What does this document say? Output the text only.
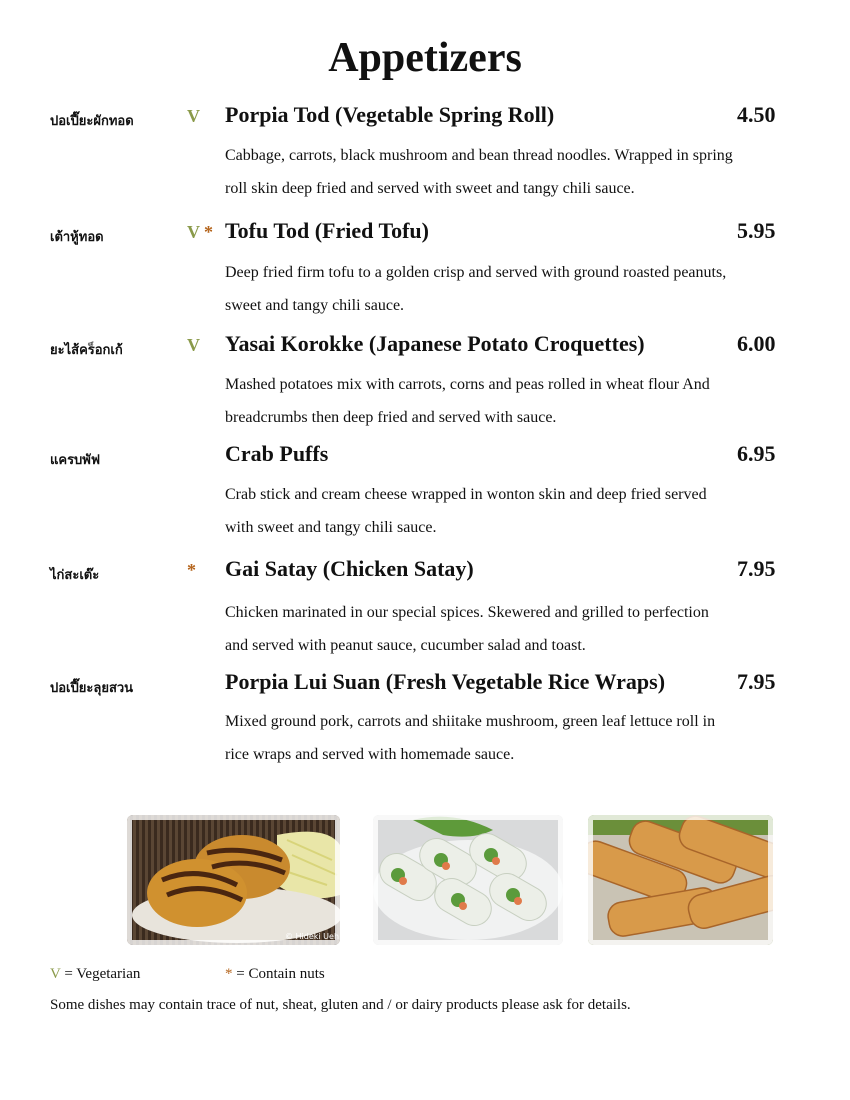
Appetizers
ปอเปี๊ยะผักทอด	V Porpia Tod (Vegetable Spring Roll)	4.50
Cabbage, carrots, black mushroom and bean thread noodles. Wrapped in spring roll skin deep fried and served with sweet and tangy chili sauce.
เต้าหู้ทอด	V * Tofu Tod (Fried Tofu)	5.95
Deep fried firm tofu to a golden crisp and served with ground roasted peanuts, sweet and tangy chili sauce.
ยะไส้คร็อกเก้	V Yasai Korokke (Japanese Potato Croquettes)	6.00
Mashed potatoes mix with carrots, corns and peas rolled in wheat flour And breadcrumbs then deep fried and served with sauce.
แครบพัฟ	Crab Puffs	6.95
Crab stick and cream cheese wrapped in wonton skin and deep fried served with sweet and tangy chili sauce.
ไก่สะเต๊ะ	* Gai Satay (Chicken Satay)	7.95
Chicken marinated in our special spices. Skewered and grilled to perfection and served with peanut sauce, cucumber salad and toast.
ปอเปี๊ยะลุยสวน	Porpia Lui Suan (Fresh Vegetable Rice Wraps)	7.95
Mixed ground pork, carrots and shiitake mushroom, green leaf lettuce roll in rice wraps and served with homemade sauce.
© Hideki Ueh
V = Vegetarian	* = Contain nuts
Some dishes may contain trace of nut, sheat, gluten and / or dairy products please ask for details.
